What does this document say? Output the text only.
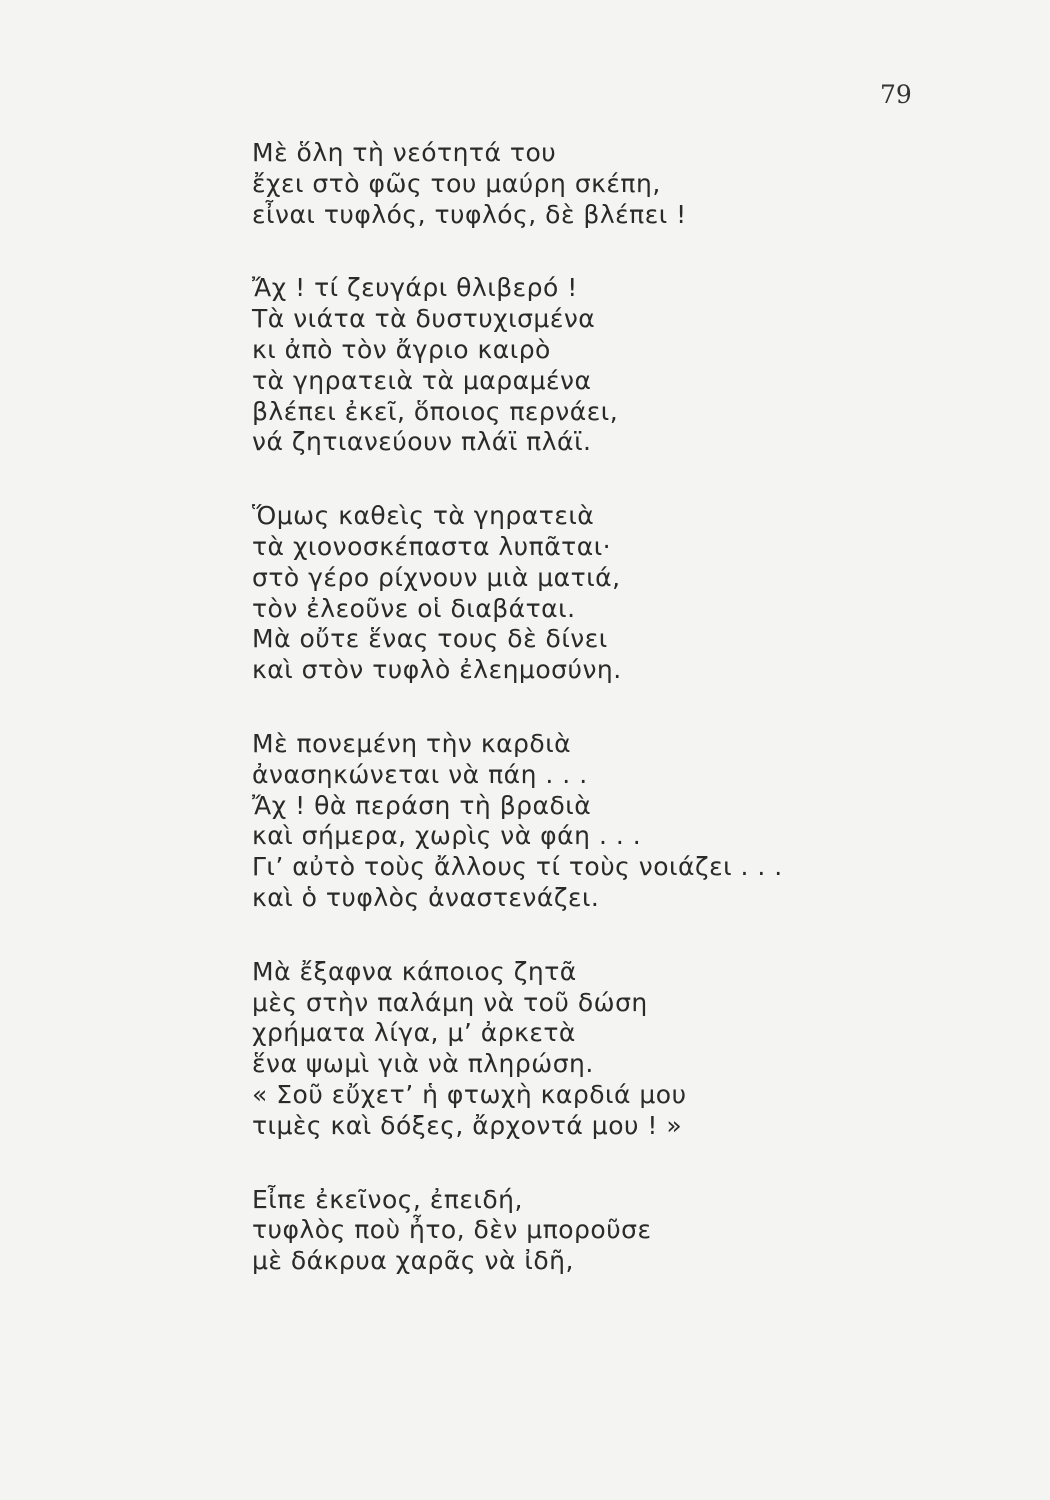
79
Μὲ ὅλη τὴ νεότητά του
ἔχει στὸ φῶς του μαύρη σκέπη,
εἶναι τυφλός, τυφλός, δὲ βλέπει !
Ἄχ ! τί ζευγάρι θλιβερό !
Τὰ νιάτα τὰ δυστυχισμένα
κι ἀπὸ τὸν ἄγριο καιρὸ
τὰ γηρατειὰ τὰ μαραμένα
βλέπει ἐκεῖ, ὅποιος περνάει,
νά ζητιανεύουν πλάϊ πλάϊ.
Ὅμως καθεὶς τὰ γηρατειὰ
τὰ χιονοσκέπαστα λυπᾶται·
στὸ γέρο ρίχνουν μιὰ ματιά,
τὸν ἐλεοῦνε οἱ διαβάται.
Μὰ οὔτε ἕνας τους δὲ δίνει
καὶ στὸν τυφλὸ ἐλεημοσύνη.
Μὲ πονεμένη τὴν καρδιὰ
ἀνασηκώνεται νὰ πάη . . .
Ἄχ ! θὰ περάση τὴ βραδιὰ
καὶ σήμερα, χωρὶς νὰ φάη . . .
Γι’ αὐτὸ τοὺς ἄλλους τί τοὺς νοιάζει . . .
καὶ ὁ τυφλὸς ἀναστενάζει.
Μὰ ἔξαφνα κάποιος ζητᾶ
μὲς στὴν παλάμη νὰ τοῦ δώση
χρήματα λίγα, μ’ ἀρκετὰ
ἕνα ψωμὶ γιὰ νὰ πληρώση.
« Σοῦ εὔχετ’ ἡ φτωχὴ καρδιά μου
τιμὲς καὶ δόξες, ἄρχοντά μου ! »
Εἶπε ἐκεῖνος, ἐπειδή,
τυφλὸς ποὺ ἦτο, δὲν μποροῦσε
μὲ δάκρυα χαρᾶς νὰ ἰδῆ,
